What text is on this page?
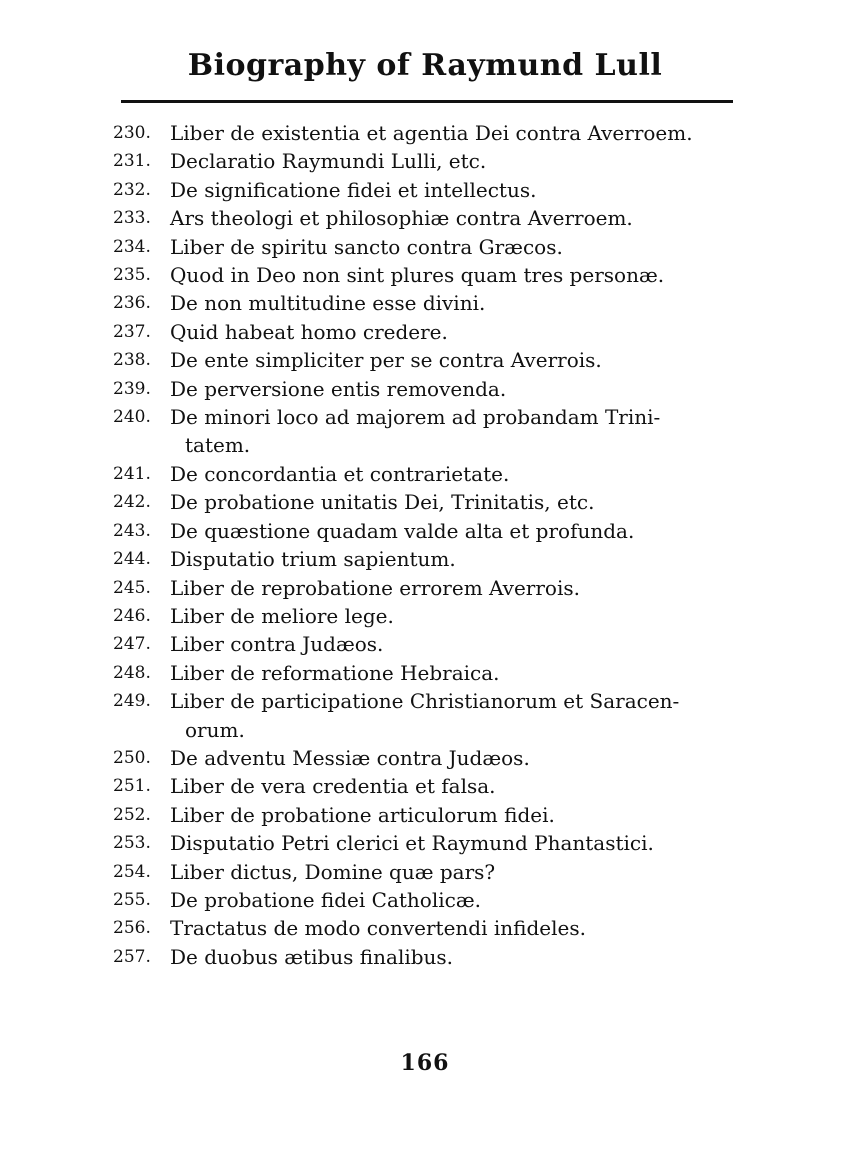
Biography of Raymund Lull
230. Liber de existentia et agentia Dei contra Averroem.
231. Declaratio Raymundi Lulli, etc.
232. De significatione fidei et intellectus.
233. Ars theologi et philosophiæ contra Averroem.
234. Liber de spiritu sancto contra Græcos.
235. Quod in Deo non sint plures quam tres personæ.
236. De non multitudine esse divini.
237. Quid habeat homo credere.
238. De ente simpliciter per se contra Averrois.
239. De perversione entis removenda.
240. De minori loco ad majorem ad probandam Trini-
tatem.
241. De concordantia et contrarietate.
242. De probatione unitatis Dei, Trinitatis, etc.
243. De quæstione quadam valde alta et profunda.
244. Disputatio trium sapientum.
245. Liber de reprobatione errorem Averrois.
246. Liber de meliore lege.
247. Liber contra Judæos.
248. Liber de reformatione Hebraica.
249. Liber de participatione Christianorum et Saracen-
orum.
250. De adventu Messiæ contra Judæos.
251. Liber de vera credentia et falsa.
252. Liber de probatione articulorum fidei.
253. Disputatio Petri clerici et Raymund Phantastici.
254. Liber dictus, Domine quæ pars?
255. De probatione fidei Catholicæ.
256. Tractatus de modo convertendi infideles.
257. De duobus ætibus finalibus.
166
